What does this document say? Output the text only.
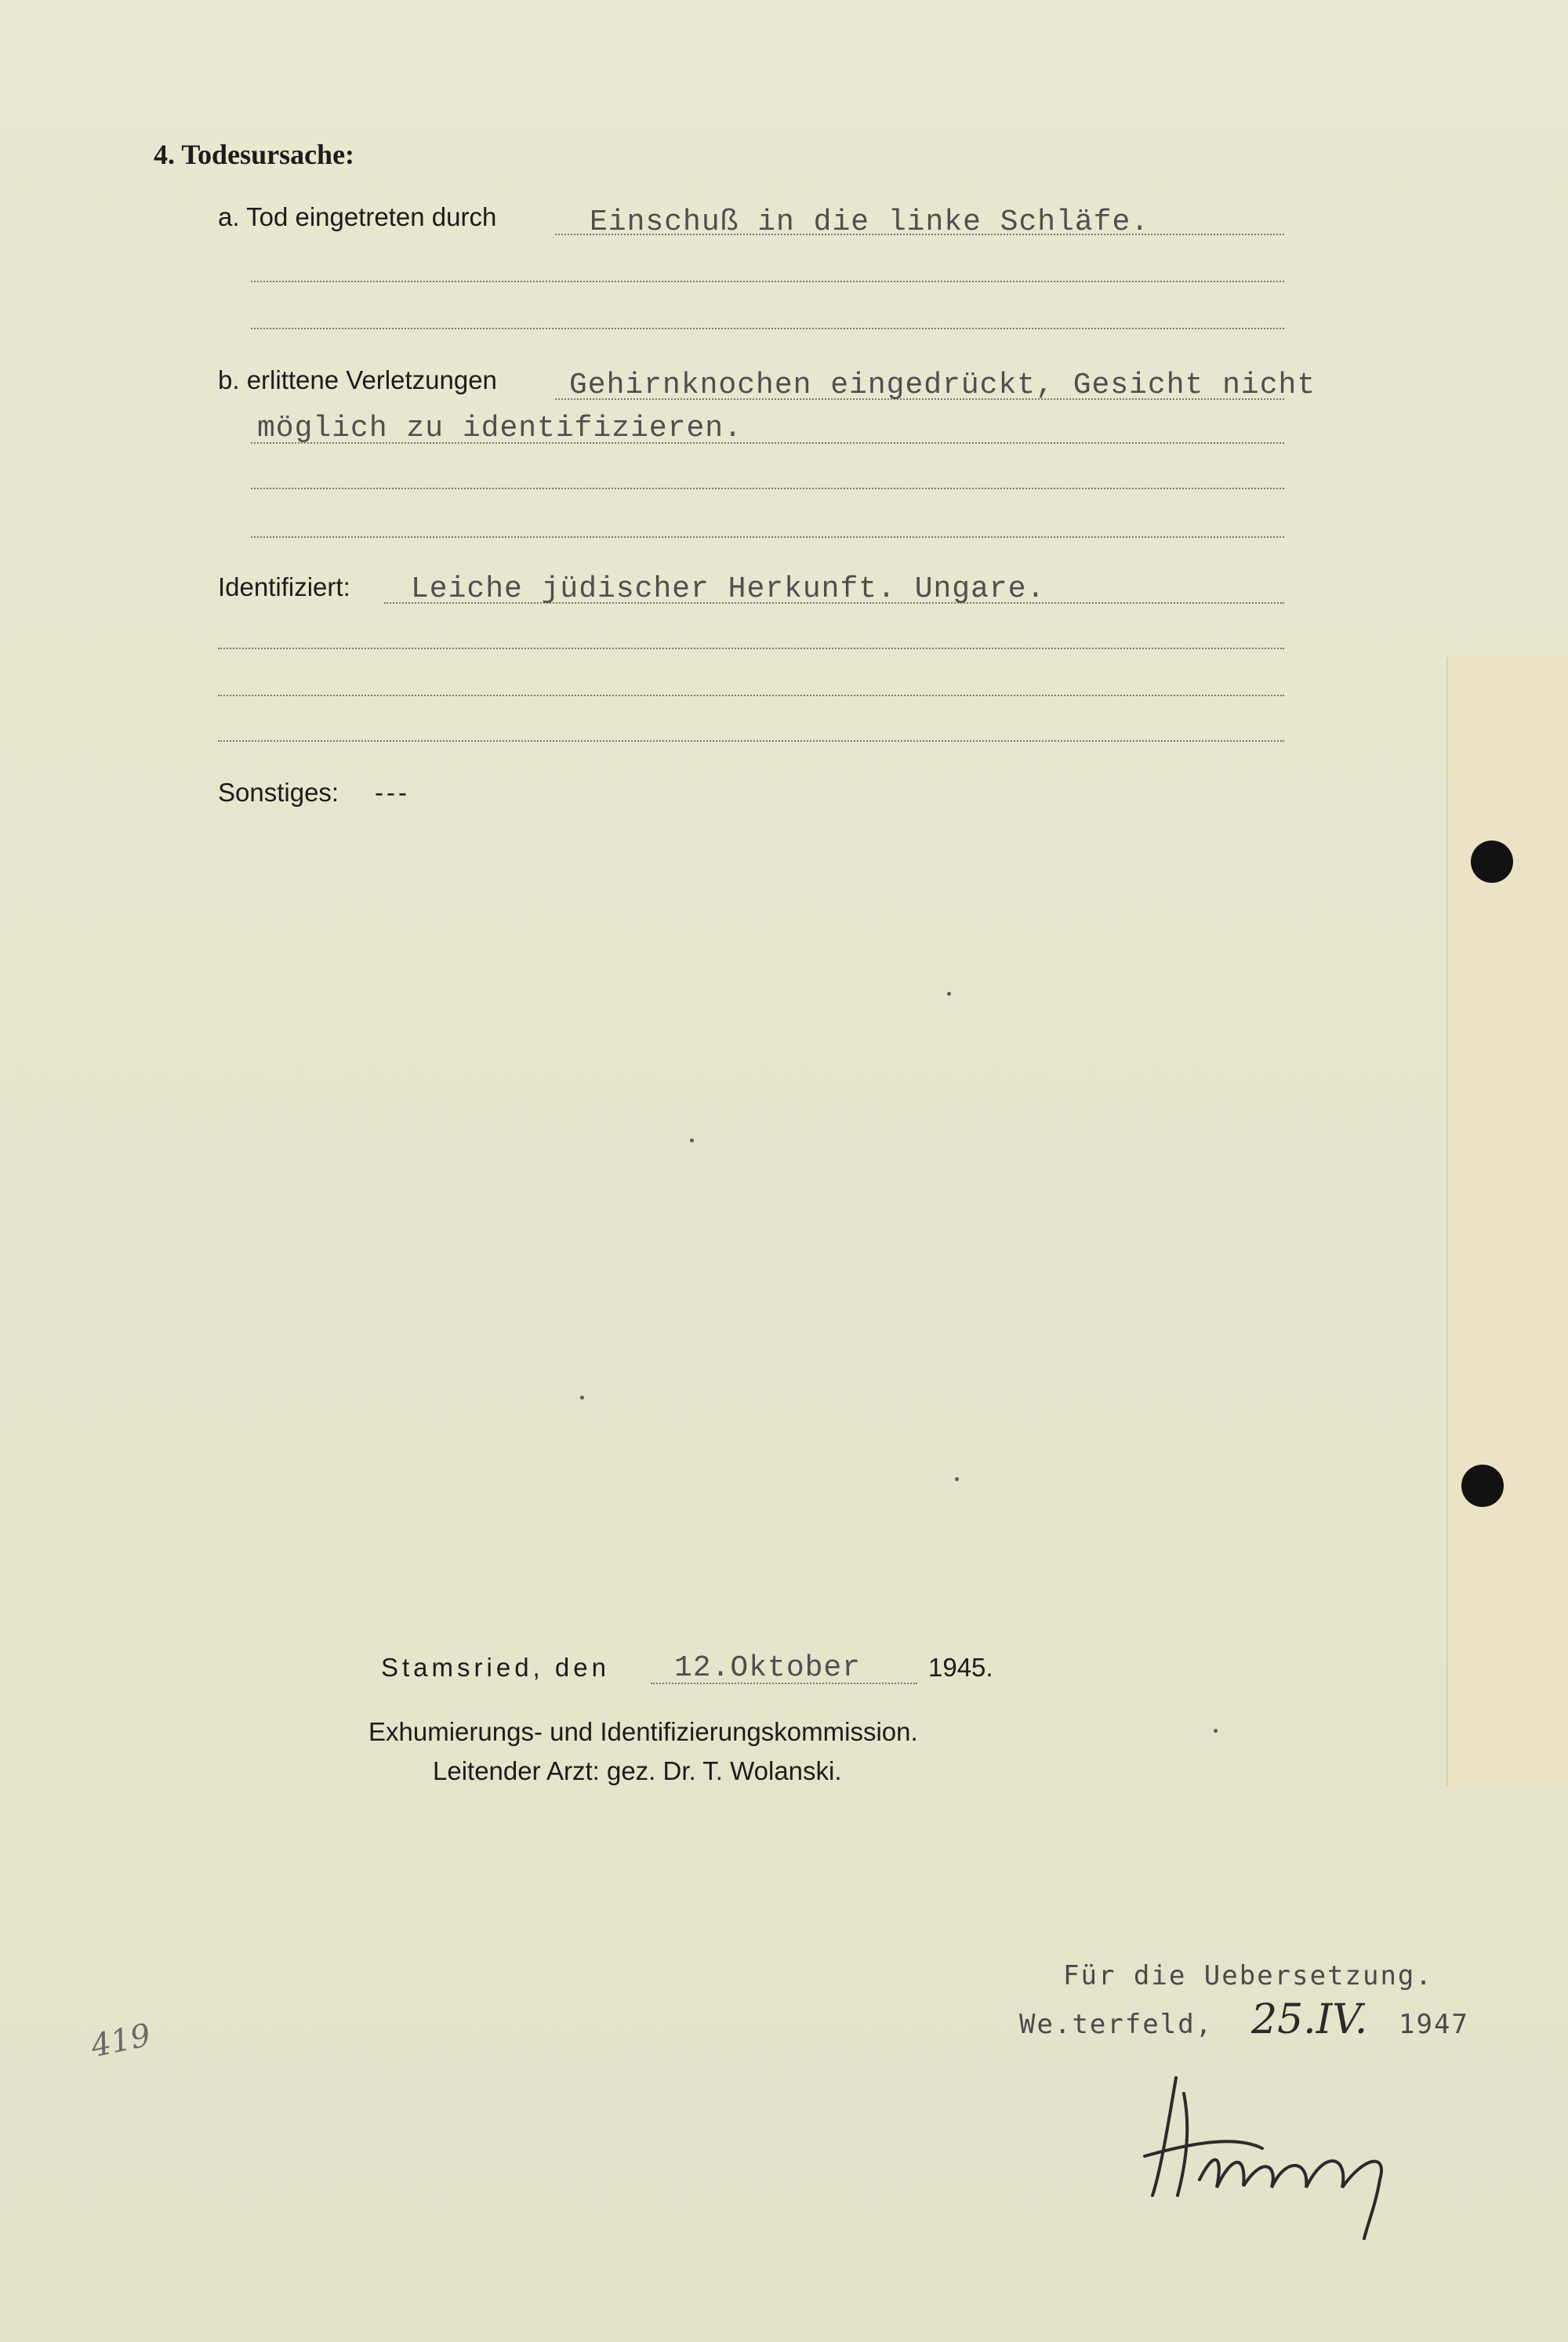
4. Todesursache:
a. Tod eingetreten durch	Einschuß in die linke Schläfe.
b. erlittene Verletzungen Gehirnknochen eingedrückt, Gesicht nicht
möglich zu identifizieren.
Identifiziert: Leiche jüdischer Herkunft. Ungare.
Sonstiges: ---
Stamsried, den 12.Oktober	1945.
Exhumierungs- und Identifizierungskommission.
Leitender Arzt: gez. Dr. T. Wolanski.
Für die Uebersetzung.
We.terfeld, 25.IV. 1947
419
